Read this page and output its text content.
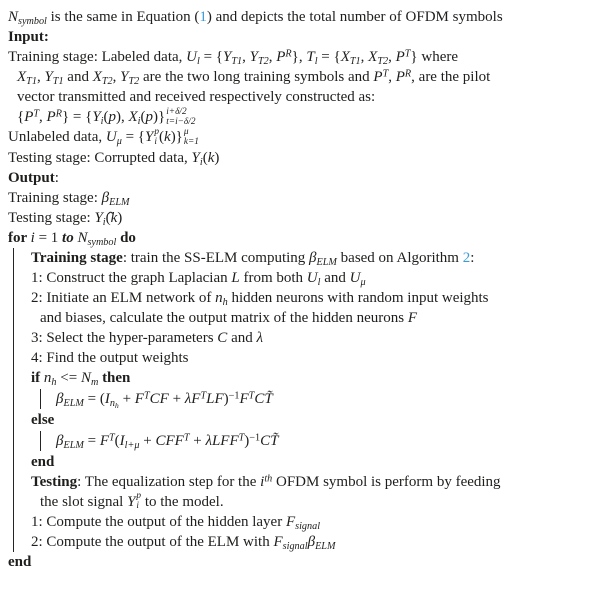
Nsymbol is the same in Equation (1) and depicts the total number of OFDM symbols
Input:
Training stage: Labeled data, Ul = {YT1, YT2, $P^R$}, Tl = {XT1, XT2, $P^T$} where
XT1, YT1 and XT2, YT2 are the two long training symbols and $P^T$, $P^R$, are the pilot
vector transmitted and received respectively constructed as:
{$P^T$, $P^R\} = \{Yi(p)$, Xi(p)} i+δ/2
t=i−δ/2
Unlabeled data, Uμ = {Y p
i (k)} μ
k=1
Testing stage: Corrupted data, Yi(k)
Output:
Training stage: βELM
Testing stage: Yi(̂k)
for i = 1 to Nsymbol do
Training stage: train the SS-ELM computing βELM based on Algorithm 2:
1: Construct the graph Laplacian L from both Ul and Uμ
2: Initiate an ELM network of nh hidden neurons with random input weights
and biases, calculate the output matrix of the hidden neurons F
3: Select the hyper-parameters C and λ
4: Find the output weights
if nh <= Nm then
$\beta ELM = (In_h + F^TCF$ + $\lambda F^TLF)^{-1}F^TCT̃$
else
$\beta ELM = F^T(Il+\mu + CFF^T$ + $\lambda LFF^T)^{-1}CT̃$
end
Testing: The equalization step for the $i^{th}$ OFDM symbol is perform by feeding
the slot signal Y p
i to the model.
1: Compute the output of the hidden layer Fsignal
2: Compute the output of the ELM with FsignalβELM
end
